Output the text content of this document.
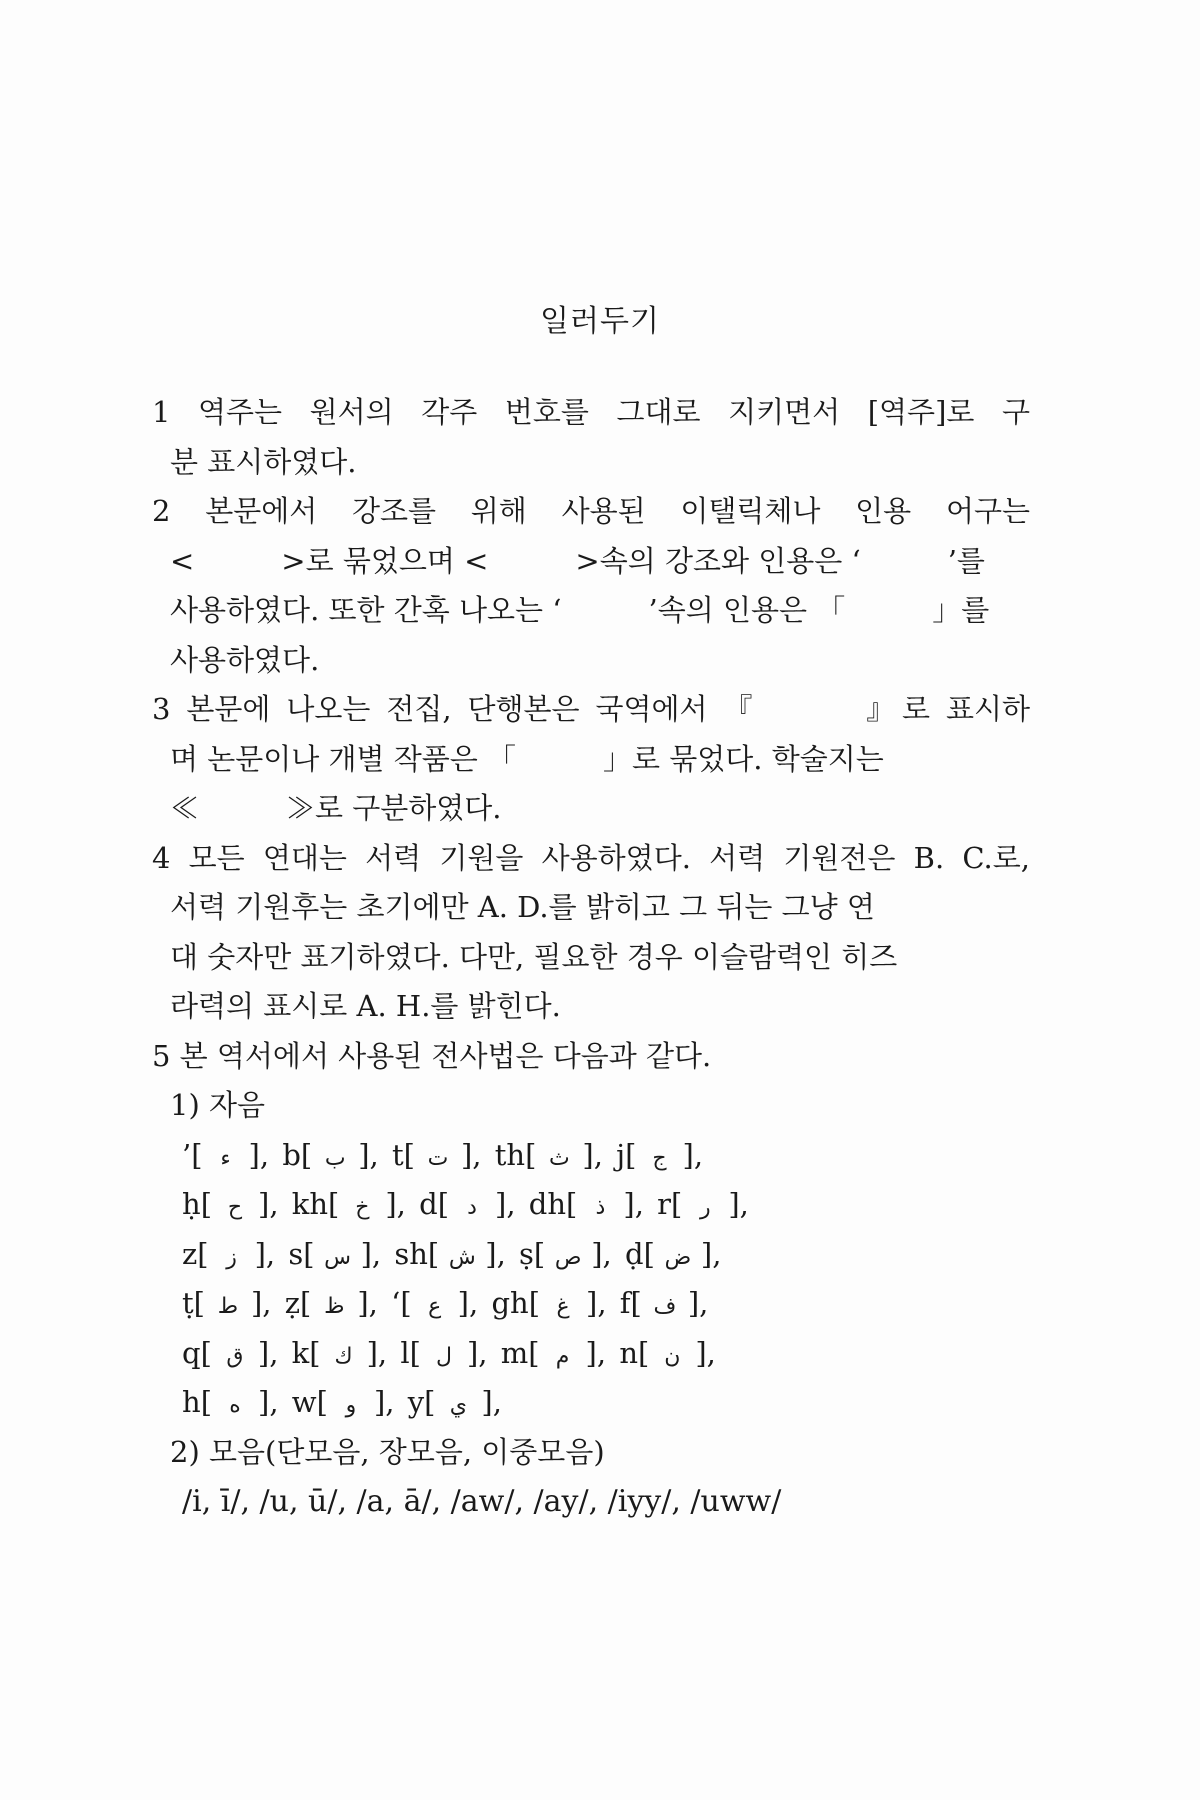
일러두기
1 역주는 원서의 각주 번호를 그대로 지키면서 [역주]로 구
분 표시하였다.
2 본문에서 강조를 위해 사용된 이탤릭체나 인용 어구는
<　　　>로 묶었으며 <　　　>속의 강조와 인용은 ‘　　　’를
사용하였다. 또한 간혹 나오는 ‘　　　’속의 인용은 「　　　」를
사용하였다.
3 본문에 나오는 전집, 단행본은 국역에서 『　　　』로 표시하
며 논문이나 개별 작품은 「　　　」로 묶었다. 학술지는
≪　　　≫로 구분하였다.
4 모든 연대는 서력 기원을 사용하였다. 서력 기원전은 B. C.로,
서력 기원후는 초기에만 A. D.를 밝히고 그 뒤는 그냥 연
대 숫자만 표기하였다. 다만, 필요한 경우 이슬람력인 히즈
라력의 표시로 A. H.를 밝힌다.
5 본 역서에서 사용된 전사법은 다음과 같다.
1) 자음
’[ ء ], b[ ب ], t[ ت ], th[ ث ], j[ ج ],
ḥ[ ح ], kh[ خ ], d[ د ], dh[ ذ ], r[ ر ],
z[ ز ], s[ س ], sh[ ش ], ṣ[ ص ], ḍ[ ض ],
ṭ[ ط ], ẓ[ ظ ], ‘[ ع ], gh[ غ ], f[ ف ],
q[ ق ], k[ ك ], l[ ل ], m[ م ], n[ ن ],
h[ ه ], w[ و ], y[ ي ],
2) 모음(단모음, 장모음, 이중모음)
/i, ī/, /u, ū/, /a, ā/, /aw/, /ay/, /iyy/, /uww/
